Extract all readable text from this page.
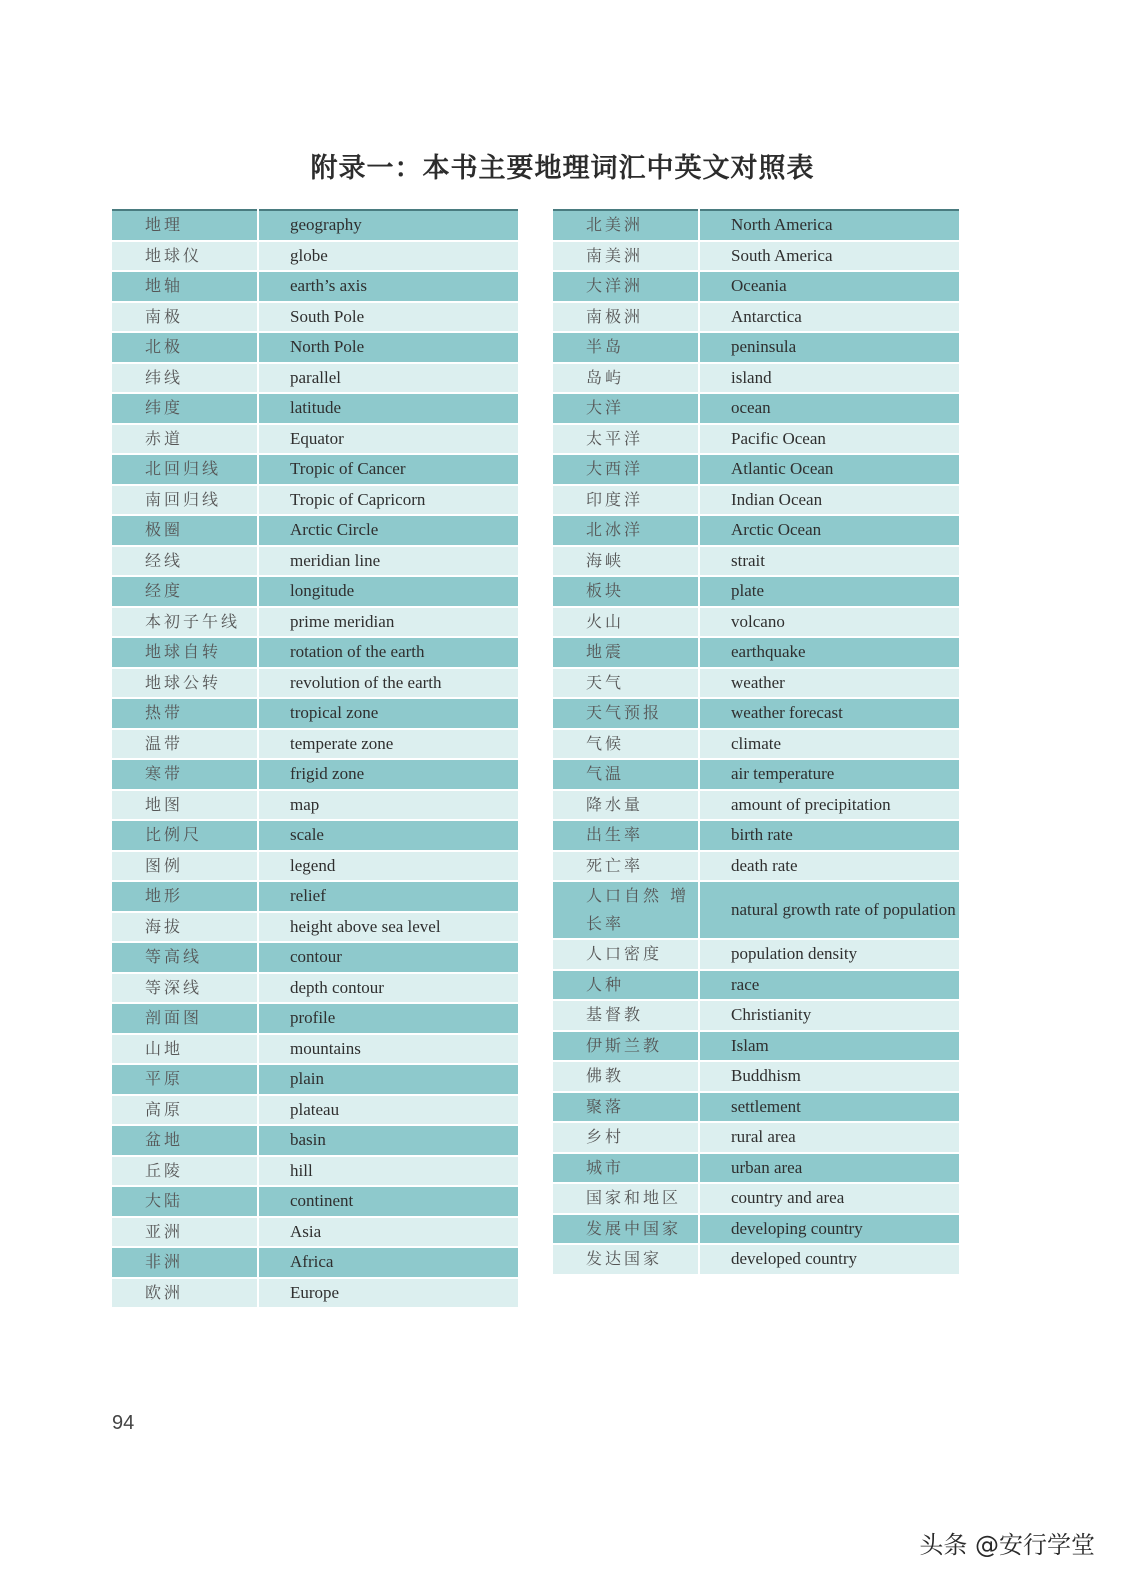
附录一：本书主要地理词汇中英文对照表
地理	geography
地球仪	globe
地轴	earth’s axis
南极	South Pole
北极	North Pole
纬线	parallel
纬度	latitude
赤道	Equator
北回归线	Tropic of Cancer
南回归线	Tropic of Capricorn
极圈	Arctic Circle
经线	meridian line
经度	longitude
本初子午线	prime meridian
地球自转	rotation of the earth
地球公转	revolution of the earth
热带	tropical zone
温带	temperate zone
寒带	frigid zone
地图	map
比例尺	scale
图例	legend
地形	relief
海拔	height above sea level
等高线	contour
等深线	depth contour
剖面图	profile
山地	mountains
平原	plain
高原	plateau
盆地	basin
丘陵	hill
大陆	continent
亚洲	Asia
非洲	Africa
欧洲	Europe
北美洲	North America
南美洲	South America
大洋洲	Oceania
南极洲	Antarctica
半岛	peninsula
岛屿	island
大洋	ocean
太平洋	Pacific Ocean
大西洋	Atlantic Ocean
印度洋	Indian Ocean
北冰洋	Arctic Ocean
海峡	strait
板块	plate
火山	volcano
地震	earthquake
天气	weather
天气预报	weather forecast
气候	climate
气温	air temperature
降水量	amount of precipitation
出生率	birth rate
死亡率	death rate
人口自然 增长率	natural growth rate of population
人口密度	population density
人种	race
基督教	Christianity
伊斯兰教	Islam
佛教	Buddhism
聚落	settlement
乡村	rural area
城市	urban area
国家和地区	country and area
发展中国家	developing country
发达国家	developed country
94
头条 @安行学堂
